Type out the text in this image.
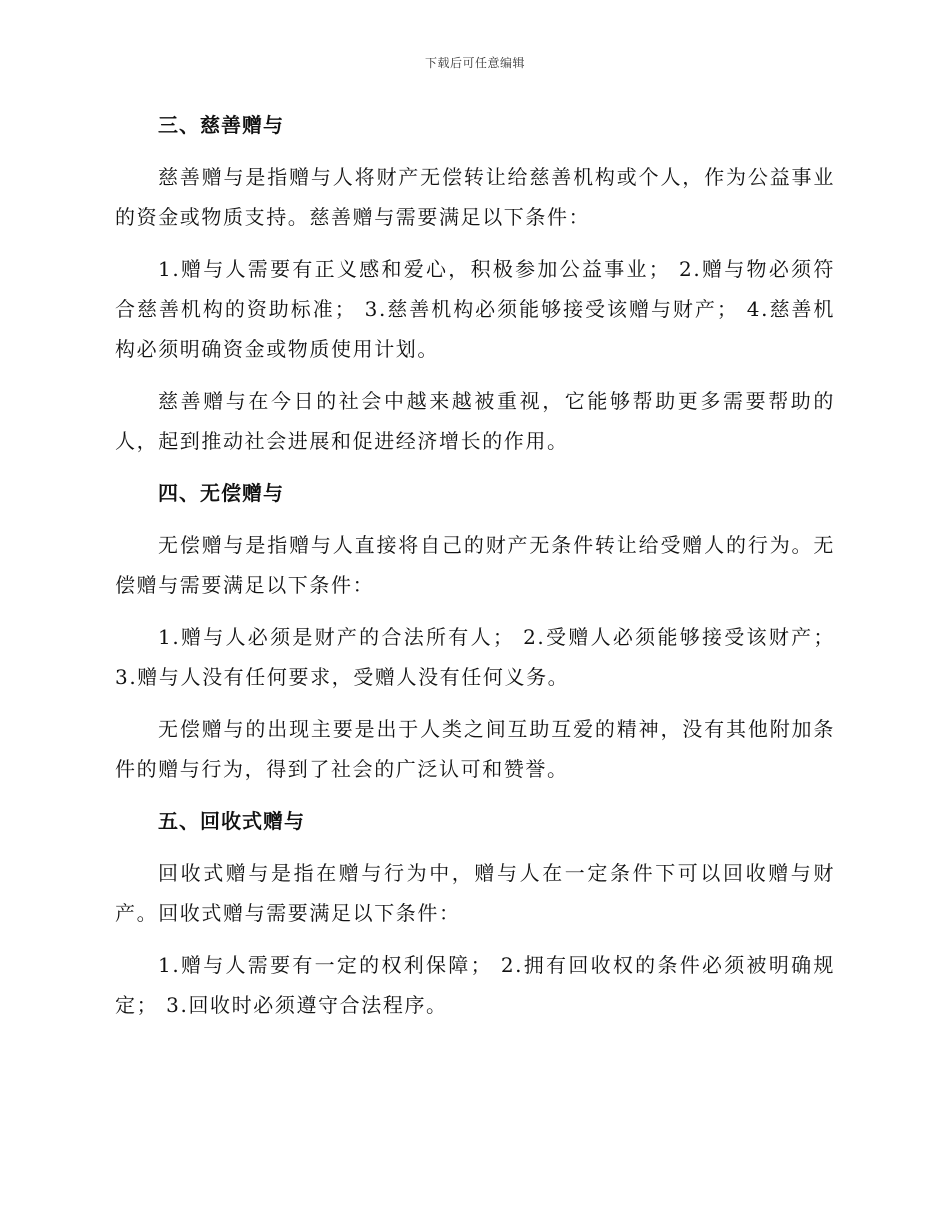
下载后可任意编辑
三、慈善赠与

慈善赠与是指赠与人将财产无偿转让给慈善机构或个人，作为公益事业的资金或物质支持。慈善赠与需要满足以下条件：

1.赠与人需要有正义感和爱心，积极参加公益事业； 2.赠与物必须符合慈善机构的资助标准； 3.慈善机构必须能够接受该赠与财产； 4.慈善机构必须明确资金或物质使用计划。

慈善赠与在今日的社会中越来越被重视，它能够帮助更多需要帮助的人，起到推动社会进展和促进经济增长的作用。

四、无偿赠与

无偿赠与是指赠与人直接将自己的财产无条件转让给受赠人的行为。无偿赠与需要满足以下条件：

1.赠与人必须是财产的合法所有人； 2.受赠人必须能够接受该财产； 3.赠与人没有任何要求，受赠人没有任何义务。

无偿赠与的出现主要是出于人类之间互助互爱的精神，没有其他附加条件的赠与行为，得到了社会的广泛认可和赞誉。

五、回收式赠与

回收式赠与是指在赠与行为中，赠与人在一定条件下可以回收赠与财产。回收式赠与需要满足以下条件：

1.赠与人需要有一定的权利保障； 2.拥有回收权的条件必须被明确规定； 3.回收时必须遵守合法程序。
